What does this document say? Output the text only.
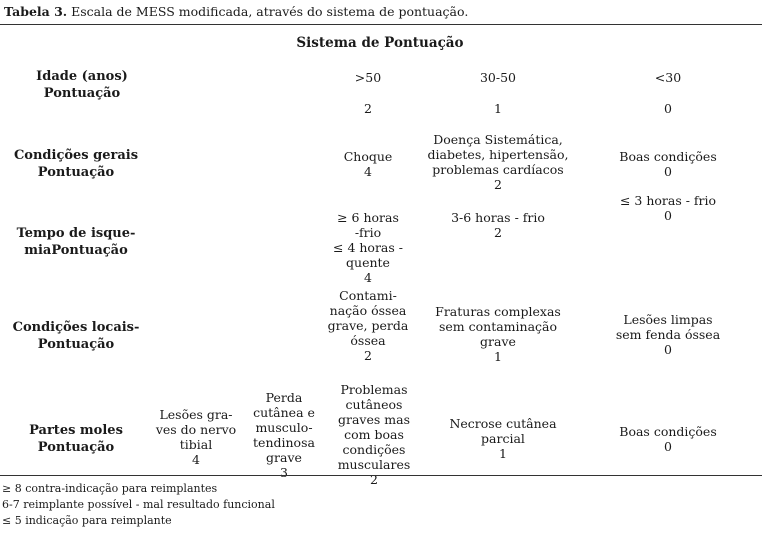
Tabela 3. Escala de MESS modificada, através do sistema de pontuação.
Sistema de Pontuação
Idade (anos)
Pontuação
>50
2
30-50
1
<30
0
Condições gerais
Pontuação
Choque
4
Doença Sistemática,
diabetes, hipertensão,
problemas cardíacos
2
Boas condições
0
Tempo de isque-
miaPontuação
≥ 6 horas
-frio
≤ 4 horas -
quente
4
3-6 horas - frio
2
≤ 3 horas - frio
0
Condições locais-
Pontuação
Contami-
nação óssea
grave, perda
óssea
2
Fraturas complexas
sem contaminação
grave
1
Lesões limpas
sem fenda óssea
0
Partes moles
Pontuação
Lesões gra-
ves do nervo
tibial
4
Perda
cutânea e
musculo-
tendinosa
grave
3
Problemas
cutâneos
graves mas
com boas
condições
musculares
2
Necrose cutânea
parcial
1
Boas condições
0
≥ 8 contra-indicação para reimplantes
6-7 reimplante possível - mal resultado funcional
≤ 5 indicação para reimplante
